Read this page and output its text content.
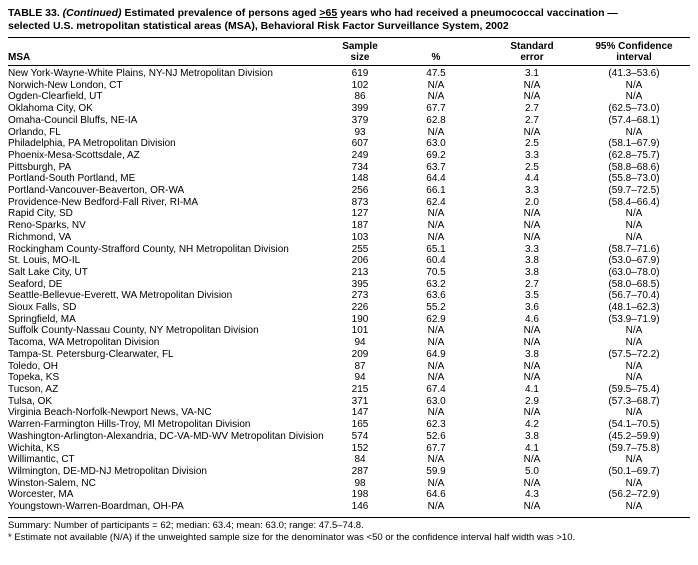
TABLE 33. (Continued) Estimated prevalence of persons aged >65 years who had received a pneumococcal vaccination —
selected U.S. metropolitan statistical areas (MSA), Behavioral Risk Factor Surveillance System, 2002

	Sample		Standard	95% Confidence
MSA	size	%	error	interval
New York-Wayne-White Plains, NY-NJ Metropolitan Division	619	47.5	3.1	(41.3–53.6)
Norwich-New London, CT	102	N/A	N/A	N/A
Ogden-Clearfield, UT	86	N/A	N/A	N/A
Oklahoma City, OK	399	67.7	2.7	(62.5–73.0)
Omaha-Council Bluffs, NE-IA	379	62.8	2.7	(57.4–68.1)
Orlando, FL	93	N/A	N/A	N/A
Philadelphia, PA Metropolitan Division	607	63.0	2.5	(58.1–67.9)
Phoenix-Mesa-Scottsdale, AZ	249	69.2	3.3	(62.8–75.7)
Pittsburgh, PA	734	63.7	2.5	(58.8–68.6)
Portland-South Portland, ME	148	64.4	4.4	(55.8–73.0)
Portland-Vancouver-Beaverton, OR-WA	256	66.1	3.3	(59.7–72.5)
Providence-New Bedford-Fall River, RI-MA	873	62.4	2.0	(58.4–66.4)
Rapid City, SD	127	N/A	N/A	N/A
Reno-Sparks, NV	187	N/A	N/A	N/A
Richmond, VA	103	N/A	N/A	N/A
Rockingham County-Strafford County, NH Metropolitan Division	255	65.1	3.3	(58.7–71.6)
St. Louis, MO-IL	206	60.4	3.8	(53.0–67.9)
Salt Lake City, UT	213	70.5	3.8	(63.0–78.0)
Seaford, DE	395	63.2	2.7	(58.0–68.5)
Seattle-Bellevue-Everett, WA Metropolitan Division	273	63.6	3.5	(56.7–70.4)
Sioux Falls, SD	226	55.2	3.6	(48.1–62.3)
Springfield, MA	190	62.9	4.6	(53.9–71.9)
Suffolk County-Nassau County, NY Metropolitan Division	101	N/A	N/A	N/A
Tacoma, WA Metropolitan Division	94	N/A	N/A	N/A
Tampa-St. Petersburg-Clearwater, FL	209	64.9	3.8	(57.5–72.2)
Toledo, OH	87	N/A	N/A	N/A
Topeka, KS	94	N/A	N/A	N/A
Tucson, AZ	215	67.4	4.1	(59.5–75.4)
Tulsa, OK	371	63.0	2.9	(57.3–68.7)
Virginia Beach-Norfolk-Newport News, VA-NC	147	N/A	N/A	N/A
Warren-Farmington Hills-Troy, MI Metropolitan Division	165	62.3	4.2	(54.1–70.5)
Washington-Arlington-Alexandria, DC-VA-MD-WV Metropolitan Division	574	52.6	3.8	(45.2–59.9)
Wichita, KS	152	67.7	4.1	(59.7–75.8)
Willimantic, CT	84	N/A	N/A	N/A
Wilmington, DE-MD-NJ Metropolitan Division	287	59.9	5.0	(50.1–69.7)
Winston-Salem, NC	98	N/A	N/A	N/A
Worcester, MA	198	64.6	4.3	(56.2–72.9)
Youngstown-Warren-Boardman, OH-PA	146	N/A	N/A	N/A

Summary: Number of participants = 62; median: 63.4; mean: 63.0; range: 47.5–74.8.

* Estimate not available (N/A) if the unweighted sample size for the denominator was <50 or the confidence interval half width was >10.
